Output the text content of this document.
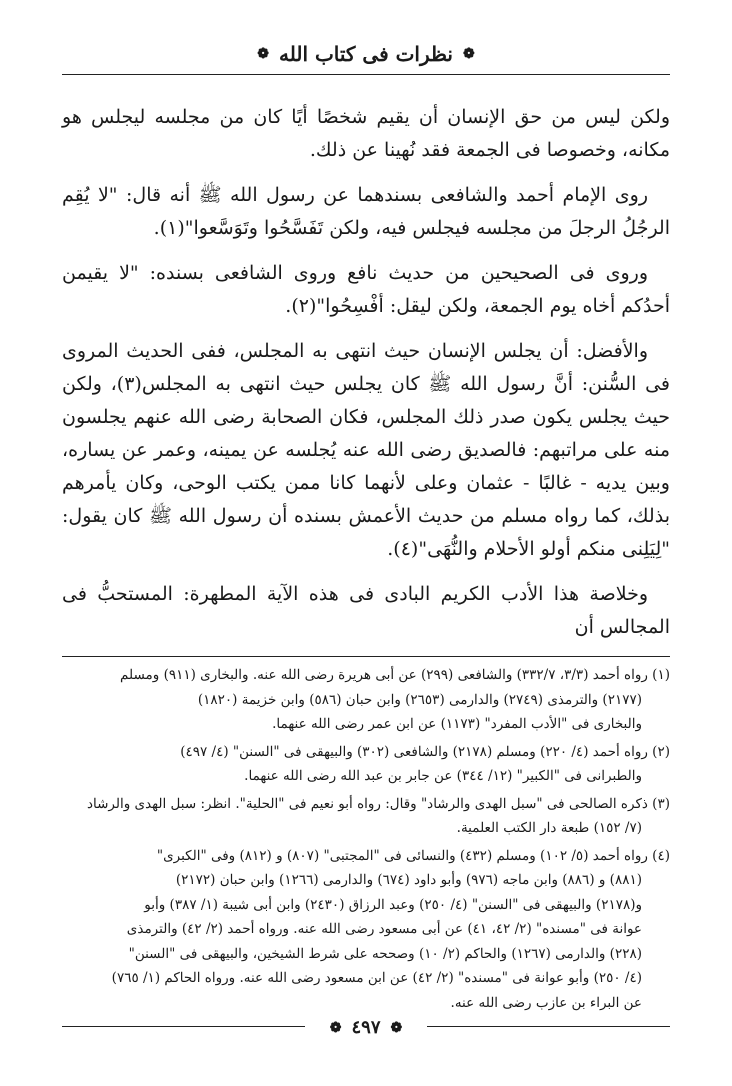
❁
نظرات فى كتاب الله
❁

ولكن ليس من حق الإنسان أن يقيم شخصًا أيًا كان من مجلسه ليجلس هو مكانه، وخصوصا فى الجمعة فقد نُهينا عن ذلك.

روى الإمام أحمد والشافعى بسندهما عن رسول الله ﷺ أنه قال: "لا يُقِم الرجُلُ الرجلَ من مجلسه فيجلس فيه، ولكن تَفَسَّحُوا وتَوَسَّعوا"(١).

وروى فى الصحيحين من حديث نافع وروى الشافعى بسنده: "لا يقيمن أحدُكم أخاه يوم الجمعة، ولكن ليقل: أفْسِحُوا"(٢).

والأفضل: أن يجلس الإنسان حيث انتهى به المجلس، ففى الحديث المروى فى السُّنن: أنَّ رسول الله ﷺ كان يجلس حيث انتهى به المجلس(٣)، ولكن حيث يجلس يكون صدر ذلك المجلس، فكان الصحابة رضى الله عنهم يجلسون منه على مراتبهم: فالصديق رضى الله عنه يُجلسه عن يمينه، وعمر عن يساره، وبين يديه - غالبًا - عثمان وعلى لأنهما كانا ممن يكتب الوحى، وكان يأمرهم بذلك، كما رواه مسلم من حديث الأعمش بسنده أن رسول الله ﷺ كان يقول: "لِيَلِنى منكم أولو الأحلام والنُّهَى"(٤).

وخلاصة هذا الأدب الكريم البادى فى هذه الآية المطهرة: المستحبُّ فى المجالس أن

(١) رواه أحمد (٣/٣، ٣٣٢/٧) والشافعى (٢٩٩) عن أبى هريرة رضى الله عنه. والبخارى (٩١١) ومسلم
(٢١٧٧) والترمذى (٢٧٤٩) والدارمى (٢٦٥٣) وابن حبان (٥٨٦) وابن خزيمة (١٨٢٠)
والبخارى فى "الأدب المفرد" (١١٧٣) عن ابن عمر رضى الله عنهما.
(٢) رواه أحمد (٤/ ٢٢٠) ومسلم (٢١٧٨) والشافعى (٣٠٢) والبيهقى فى "السنن" (٤/ ٤٩٧)
والطبرانى فى "الكبير" (١٢/ ٣٤٤) عن جابر بن عبد الله رضى الله عنهما.
(٣) ذكره الصالحى فى "سبل الهدى والرشاد" وقال: رواه أبو نعيم فى "الحلية". انظر: سبل الهدى والرشاد
(٧/ ١٥٢) طبعة دار الكتب العلمية.
(٤) رواه أحمد (٥/ ١٠٢) ومسلم (٤٣٢) والنسائى فى "المجتبى" (٨٠٧) و (٨١٢) وفى "الكبرى"
(٨٨١) و (٨٨٦) وابن ماجه (٩٧٦) وأبو داود (٦٧٤) والدارمى (١٢٦٦) وابن حبان (٢١٧٢)
و(٢١٧٨) والبيهقى فى "السنن" (٤/ ٢٥٠) وعبد الرزاق (٢٤٣٠) وابن أبى شيبة (١/ ٣٨٧) وأبو
عوانة فى "مسنده" (٢/ ٤٢، ٤١) عن أبى مسعود رضى الله عنه. ورواه أحمد (٢/ ٤٢) والترمذى
(٢٢٨) والدارمى (١٢٦٧) والحاكم (٢/ ١٠) وصححه على شرط الشيخين، والبيهقى فى "السنن"
(٤/ ٢٥٠) وأبو عوانة فى "مسنده" (٢/ ٤٢) عن ابن مسعود رضى الله عنه. ورواه الحاكم (١/ ٧٦٥)
عن البراء بن عازب رضى الله عنه.
❁
٤٩٧
❁
